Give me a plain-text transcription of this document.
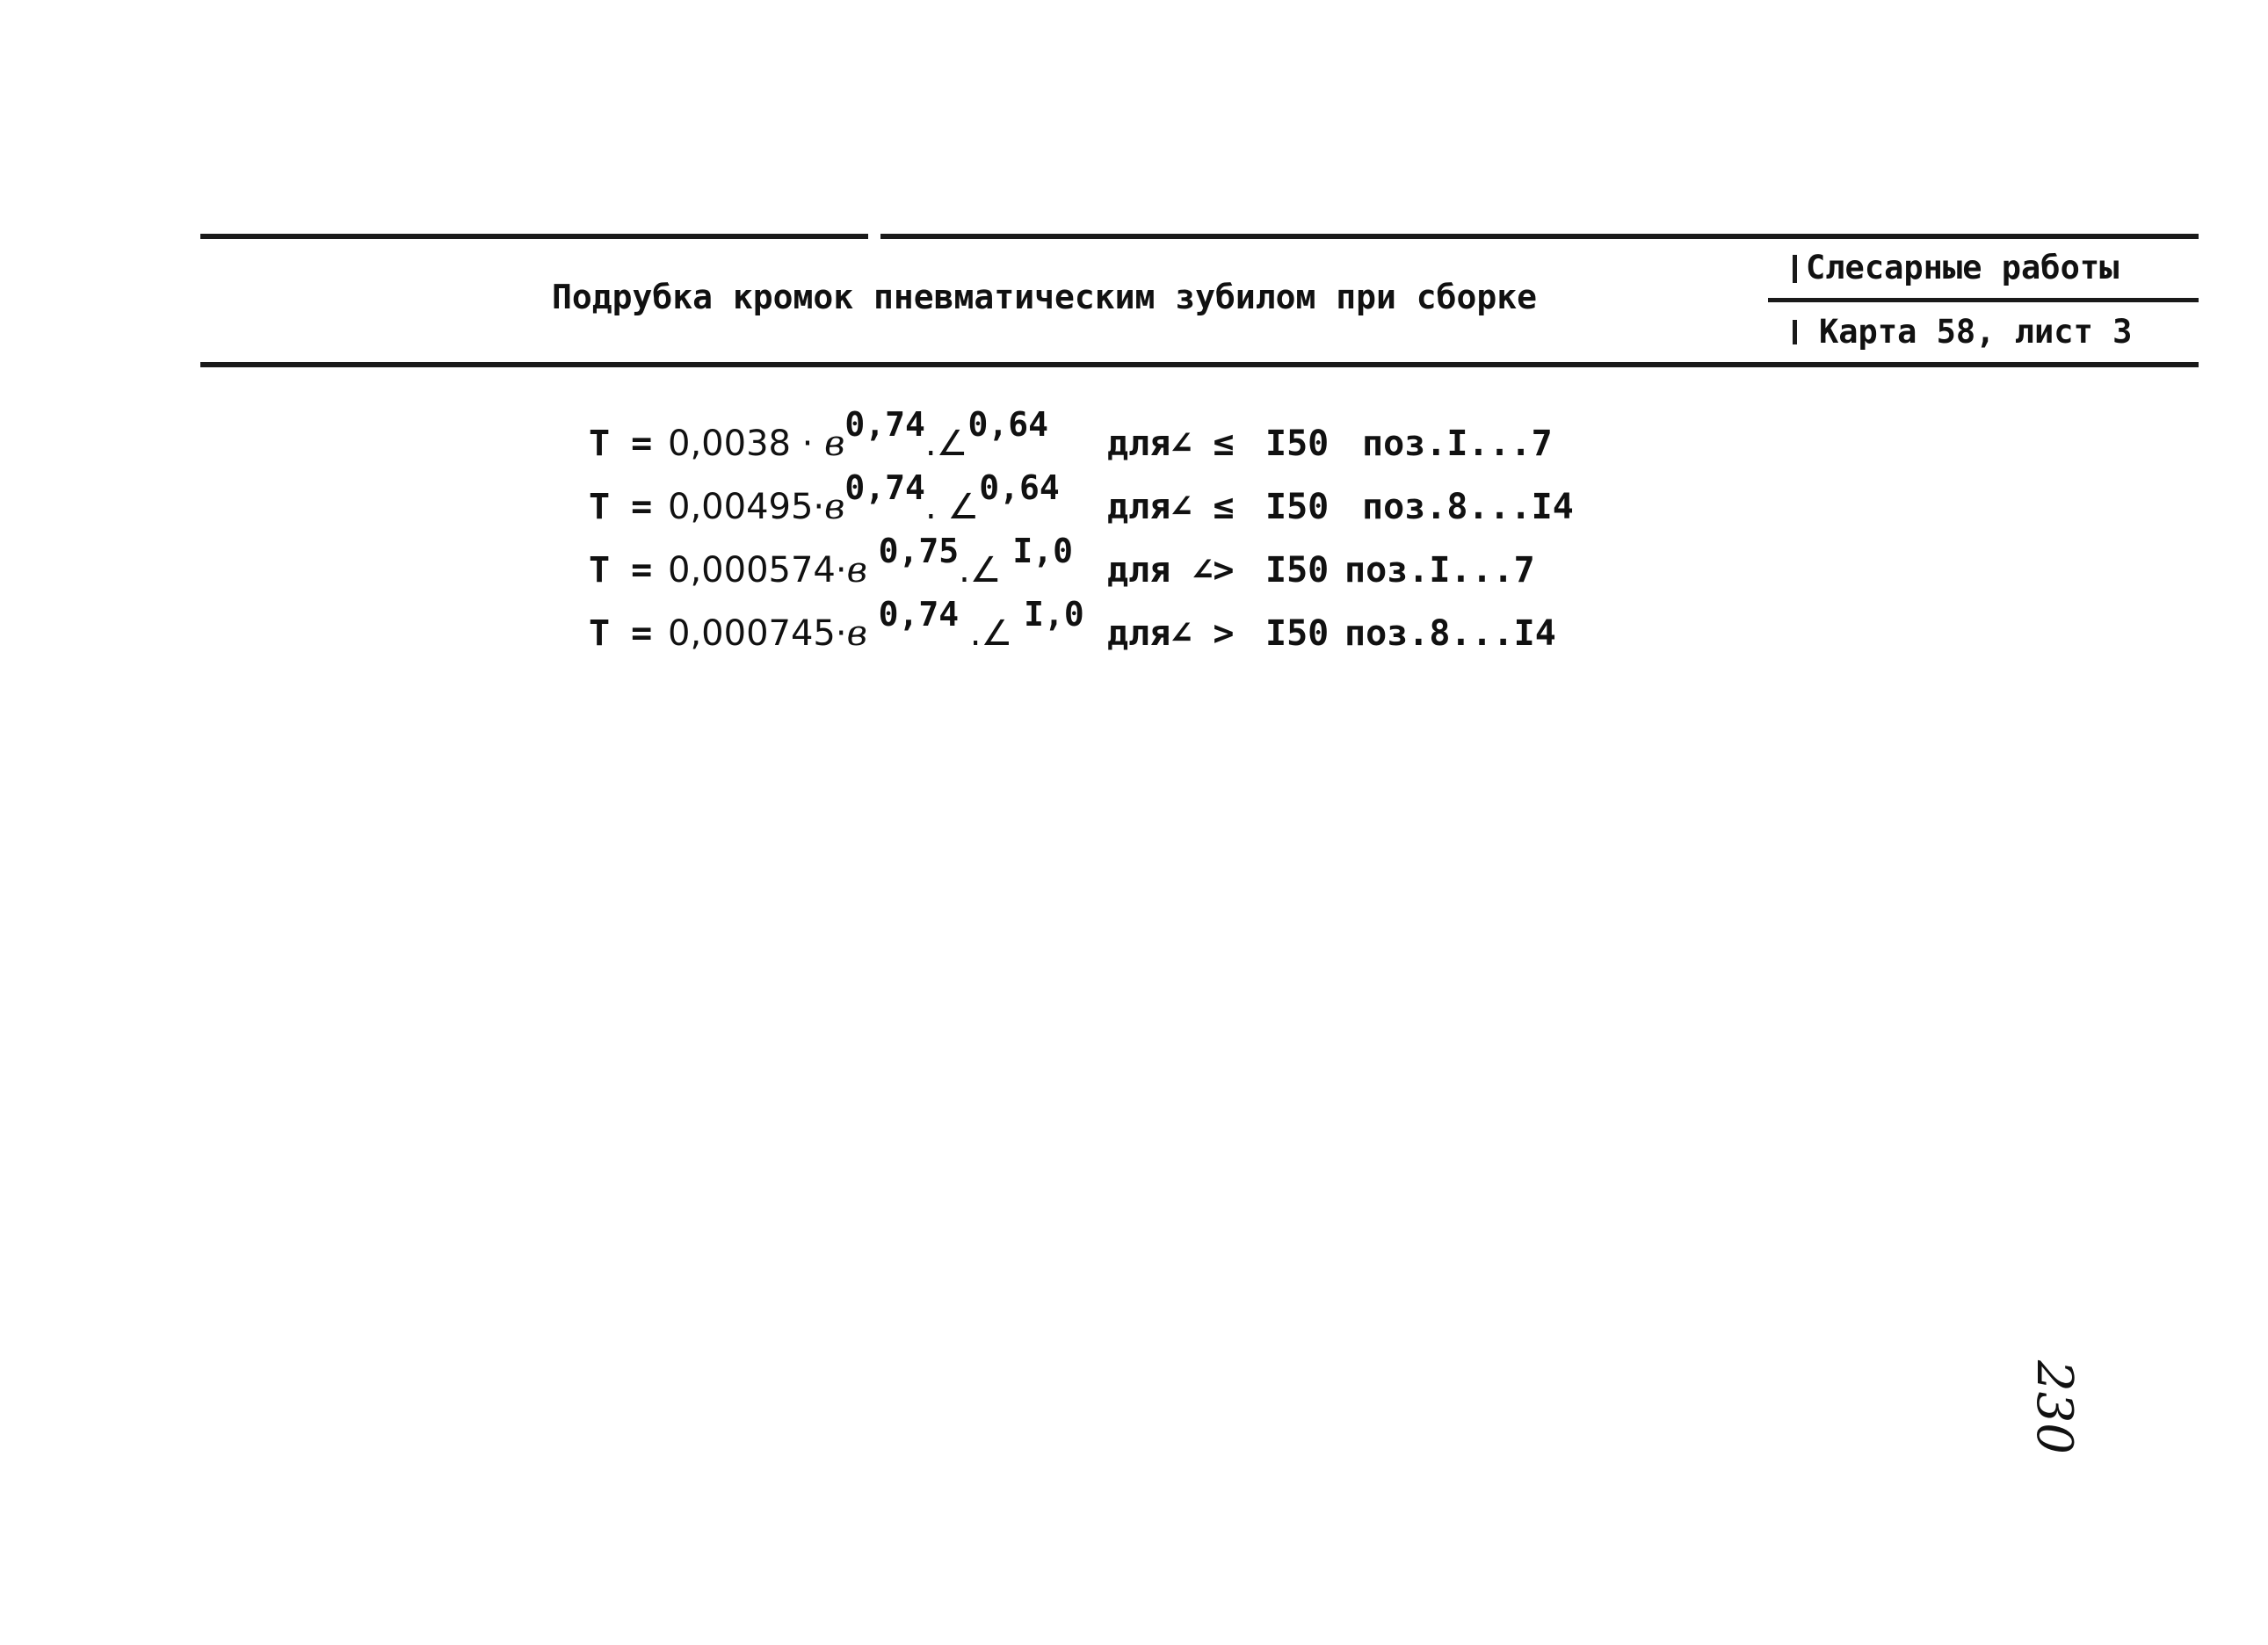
Подрубка кромок пневматическим зубилом при сборке
Слесарные работы
Карта 58, лист 3
T = 0,0038 · в0,74.∠0,64 для∠ ≤ I50 поз.I...7
T = 0,00495·в0,74. ∠0,64 для∠ ≤ I50 поз.8...I4
T = 0,000574·в 0,75.∠ I,0 для ∠> I50 поз.I...7
T = 0,000745·в 0,74 .∠ I,0 для∠ > I50 поз.8...I4
230
